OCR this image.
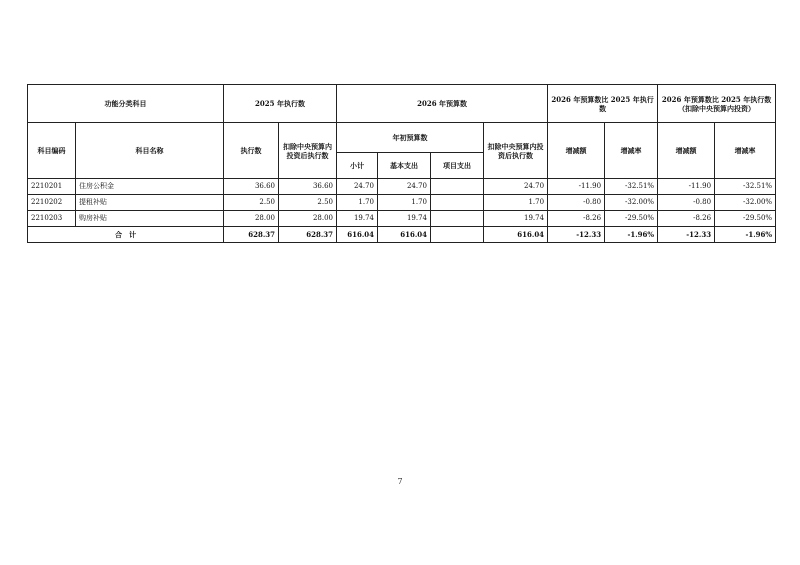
功能分类科目		2025 年执行数		2026 年预算数				2026 年预算数比 2025 年执行数		2026 年预算数比 2025 年执行数（扣除中央预算内投资）	
科目编码	科目名称	执行数	扣除中央预算内投资后执行数	年初预算数			扣除中央预算内投资后执行数	增减额	增减率	增减额	增减率
				小计	基本支出	项目支出					
2210201	住房公积金	36.60	36.60	24.70	24.70		24.70	-11.90	-32.51%	-11.90	-32.51%
2210202	提租补贴	2.50	2.50	1.70	1.70		1.70	-0.80	-32.00%	-0.80	-32.00%
2210203	购房补贴	28.00	28.00	19.74	19.74		19.74	-8.26	-29.50%	-8.26	-29.50%
合　计		628.37	628.37	616.04	616.04		616.04	-12.33	-1.96%	-12.33	-1.96%
7
